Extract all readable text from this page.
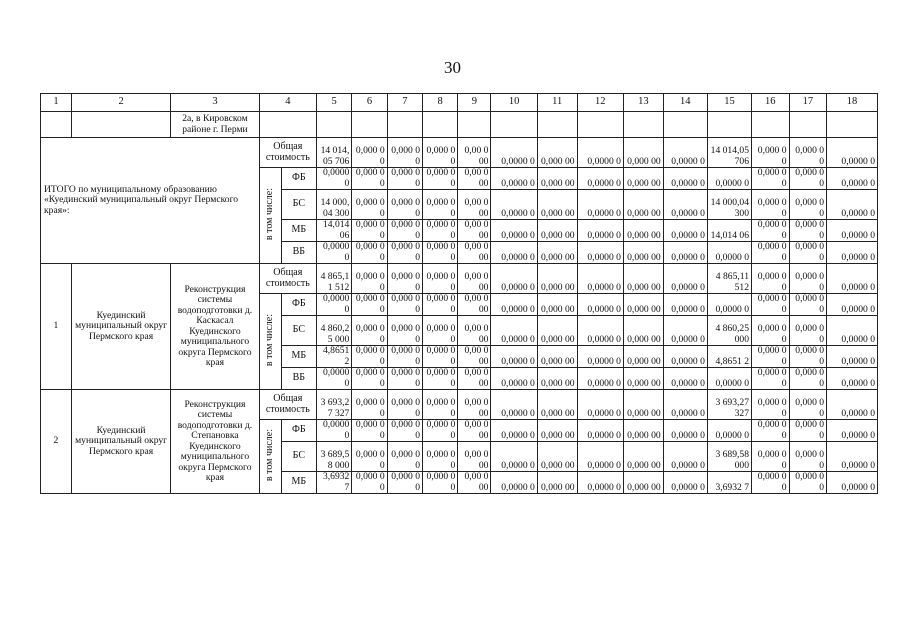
30
1	2	3	4		5	6	7	8	9	10	11	12	13	14	15	16	17	18
		2а, в Кировском районе г. Перми																
ИТОГО по муниципальному образованию «Куединский муниципальный округ Пермского края»:			Общая стоимость		14 014,05 706	0,000 00	0,000 00	0,000 00	0,00 000	0,0000 0	0,000 00	0,0000 0	0,000 00	0,0000 0	14 014,05 706	0,000 00	0,000 00	0,0000 0
			в том числе:	ФБ	0,0000 0	0,000 00	0,000 00	0,000 00	0,00 000	0,0000 0	0,000 00	0,0000 0	0,000 00	0,0000 0	0,0000 0	0,000 00	0,000 00	0,0000 0
				БС	14 000,04 300	0,000 00	0,000 00	0,000 00	0,00 000	0,0000 0	0,000 00	0,0000 0	0,000 00	0,0000 0	14 000,04 300	0,000 00	0,000 00	0,0000 0
				МБ	14,014 06	0,000 00	0,000 00	0,000 00	0,00 000	0,0000 0	0,000 00	0,0000 0	0,000 00	0,0000 0	14,014 06	0,000 00	0,000 00	0,0000 0
				ВБ	0,0000 0	0,000 00	0,000 00	0,000 00	0,00 000	0,0000 0	0,000 00	0,0000 0	0,000 00	0,0000 0	0,0000 0	0,000 00	0,000 00	0,0000 0
1	Куединский муниципальный округ Пермского края	Реконструкция системы водоподготовки д. Каскасал Куединского муниципального округа Пермского края	Общая стоимость		4 865,11 512	0,000 00	0,000 00	0,000 00	0,00 000	0,0000 0	0,000 00	0,0000 0	0,000 00	0,0000 0	4 865,11 512	0,000 00	0,000 00	0,0000 0
			в том числе:	ФБ	0,0000 0	0,000 00	0,000 00	0,000 00	0,00 000	0,0000 0	0,000 00	0,0000 0	0,000 00	0,0000 0	0,0000 0	0,000 00	0,000 00	0,0000 0
				БС	4 860,25 000	0,000 00	0,000 00	0,000 00	0,00 000	0,0000 0	0,000 00	0,0000 0	0,000 00	0,0000 0	4 860,25 000	0,000 00	0,000 00	0,0000 0
				МБ	4,8651 2	0,000 00	0,000 00	0,000 00	0,00 000	0,0000 0	0,000 00	0,0000 0	0,000 00	0,0000 0	4,8651 2	0,000 00	0,000 00	0,0000 0
				ВБ	0,0000 0	0,000 00	0,000 00	0,000 00	0,00 000	0,0000 0	0,000 00	0,0000 0	0,000 00	0,0000 0	0,0000 0	0,000 00	0,000 00	0,0000 0
2	Куединский муниципальный округ Пермского края	Реконструкция системы водоподготовки д. Степановка Куединского муниципального округа Пермского края	Общая стоимость		3 693,27 327	0,000 00	0,000 00	0,000 00	0,00 000	0,0000 0	0,000 00	0,0000 0	0,000 00	0,0000 0	3 693,27 327	0,000 00	0,000 00	0,0000 0
			в том числе:	ФБ	0,0000 0	0,000 00	0,000 00	0,000 00	0,00 000	0,0000 0	0,000 00	0,0000 0	0,000 00	0,0000 0	0,0000 0	0,000 00	0,000 00	0,0000 0
				БС	3 689,58 000	0,000 00	0,000 00	0,000 00	0,00 000	0,0000 0	0,000 00	0,0000 0	0,000 00	0,0000 0	3 689,58 000	0,000 00	0,000 00	0,0000 0
				МБ	3,6932 7	0,000 00	0,000 00	0,000 00	0,00 000	0,0000 0	0,000 00	0,0000 0	0,000 00	0,0000 0	3,6932 7	0,000 00	0,000 00	0,0000 0
